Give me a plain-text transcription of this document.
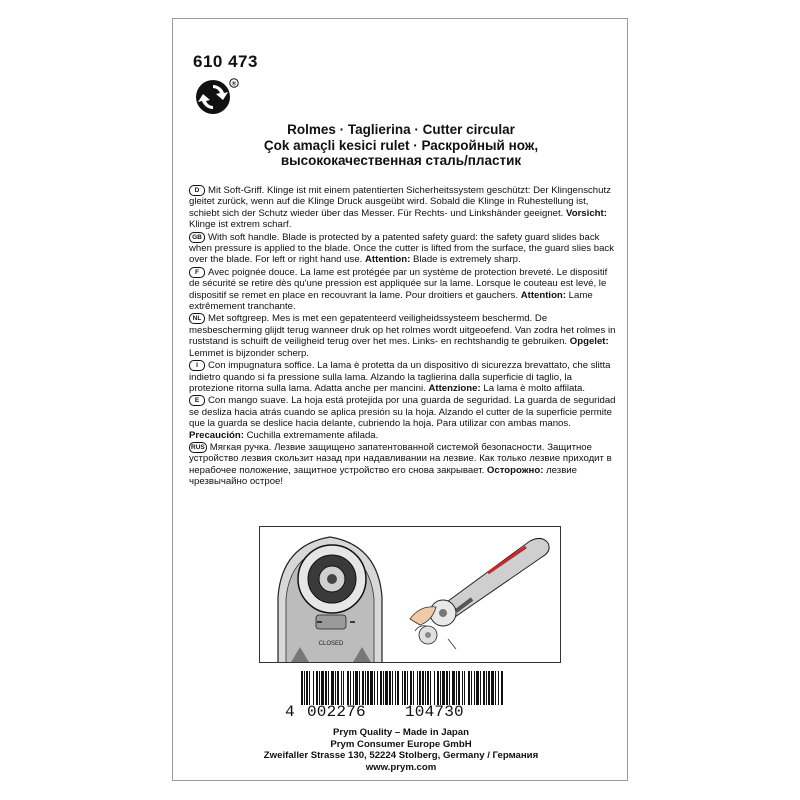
610 473
®
Rolmes · Taglierina · Cutter circular
Çok amaçli kesici rulet · Раскройный нож,
высококачественная сталь/пластик
D Mit Soft-Griff. Klinge ist mit einem patentierten Sicherheitssystem geschützt: Der Klingenschutz gleitet zurück, wenn auf die Klinge Druck ausgeübt wird. Sobald die Klinge in Ruhestellung ist, schiebt sich der Schutz wieder über das Messer. Für Rechts- und Linkshänder geeignet. Vorsicht: Klinge ist extrem scharf.
GB With soft handle. Blade is protected by a patented safety guard: the safety guard slides back when pressure is applied to the blade. Once the cutter is lifted from the surface, the guard slies back over the blade. For left or right hand use. Attention: Blade is extremely sharp.
F Avec poignée douce. La lame est protégée par un système de protection breveté. Le dispositif de sécurité se retire dès qu'une pression est appliquée sur la lame. Lorsque le couteau est levé, le dispositif se remet en place en recouvrant la lame. Pour droitiers et gauchers. Attention: Lame extrêmement tranchante.
NL Met softgreep. Mes is met een gepatenteerd veiligheidssysteem beschermd. De mesbescherming glijdt terug wanneer druk op het rolmes wordt uitgeoefend. Van zodra het rolmes in ruststand is schuift de veiligheid terug over het mes. Links- en rechtshandig te gebruiken. Opgelet: Lemmet is bijzonder scherp.
I Con impugnatura soffice. La lama è protetta da un dispositivo di sicurezza brevattato, che slitta indietro quando si fa pressione sulla lama. Alzando la taglierina dalla superficie di taglio, la protezione ritorna sulla lama. Adatta anche per mancini. Attenzione: La lama è molto affilata.
E Con mango suave. La hoja está protejida por una guarda de seguridad. La guarda de seguridad se desliza hacia atrás cuando se aplica presión su la hoja. Alzando el cutter de la superficie permite que la guarda se deslice hacia delante, cubriendo la hoja. Para utilizar con ambas manos. Precaución: Cuchilla extremamente afilada.
RUS Мягкая ручка. Лезвие защищено запатентованной системой безопасности. Защитное устройство лезвия скользит назад при надавливании на лезвие. Как только лезвие приходит в нерабочее положение, защитное устройство его снова закрывает. Осторожно: лезвие чрезвычайно острое!
CLOSED
4 002276 104730
Prym Quality – Made in Japan
Prym Consumer Europe GmbH
Zweifaller Strasse 130, 52224 Stolberg, Germany / Германия
www.prym.com
